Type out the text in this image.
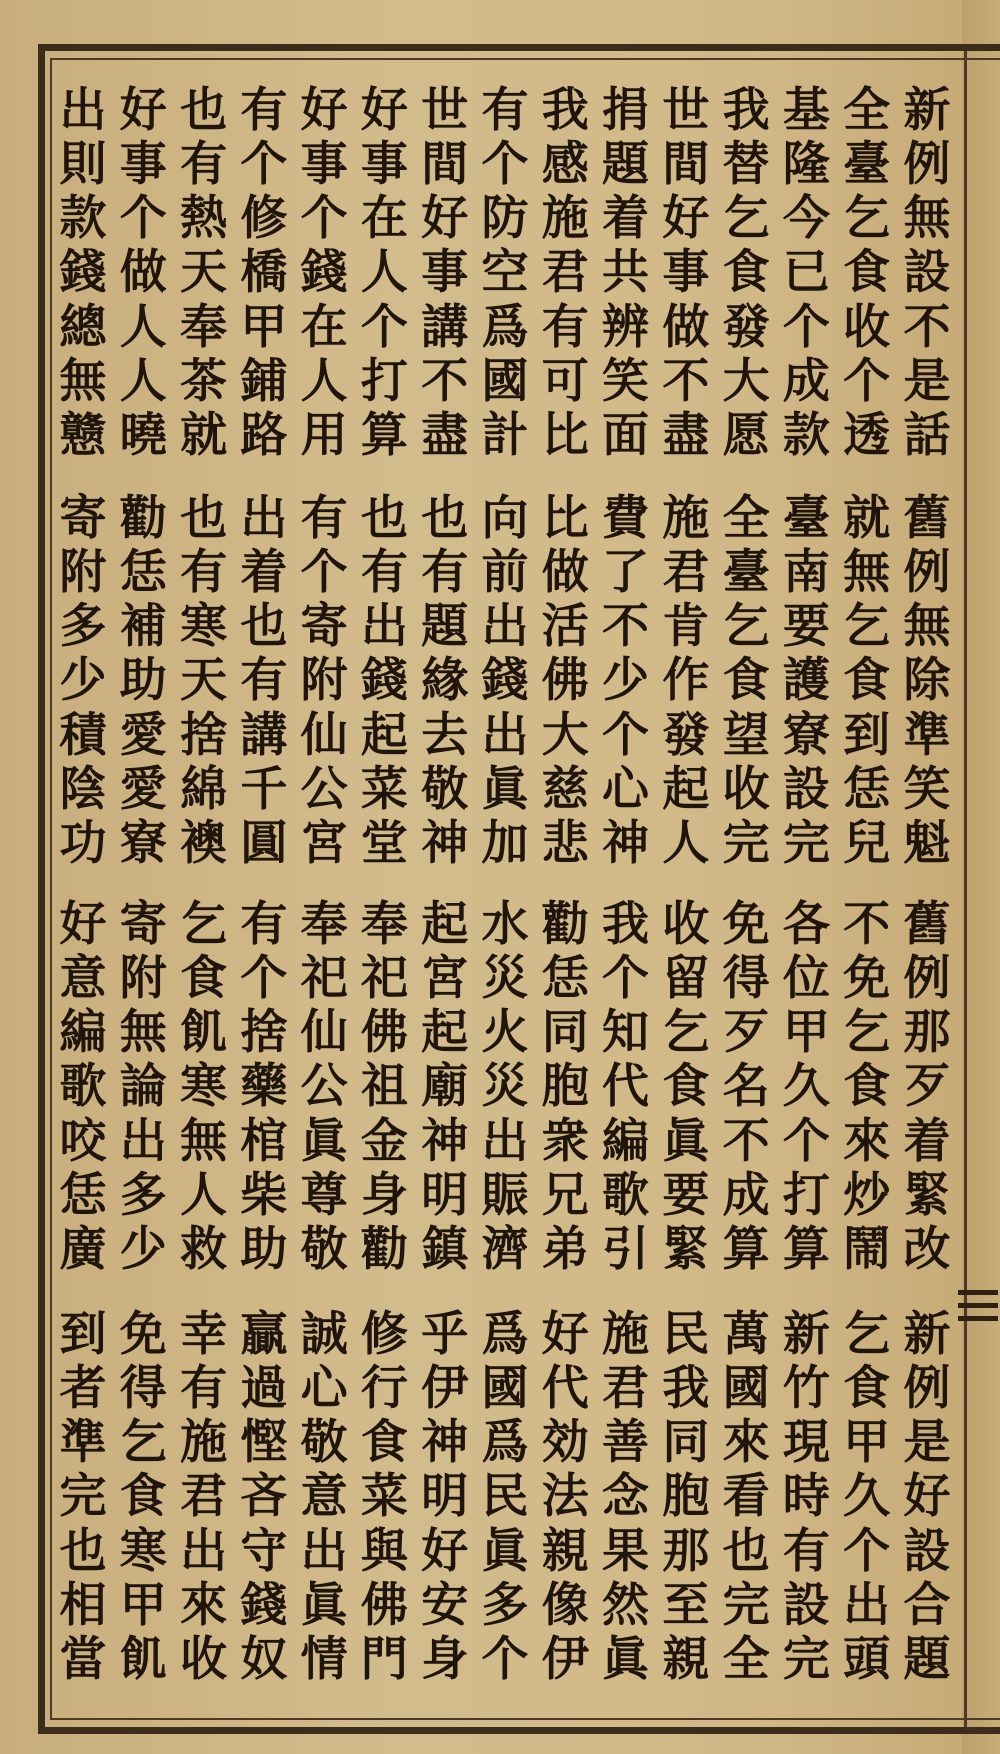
新
例
無
設
不
是
話
全
臺
乞
食
收
个
透
基
隆
今
已
个
成
款
我
替
乞
食
發
大
愿
世
間
好
事
做
不
盡
捐
題
着
共
辨
笑
面
我
感
施
君
有
可
比
有
个
防
空
爲
國
計
世
間
好
事
講
不
盡
好
事
在
人
个
打
算
好
事
个
錢
在
人
用
有
个
修
橋
甲
鋪
路
也
有
熱
天
奉
茶
就
好
事
个
做
人
人
曉
出
則
款
錢
總
無
戆
舊
例
無
除
準
笑
魁
就
無
乞
食
到
恁
兒
臺
南
要
護
寮
設
完
全
臺
乞
食
望
收
完
施
君
肯
作
發
起
人
費
了
不
少
个
心
神
比
做
活
佛
大
慈
悲
向
前
出
錢
出
眞
加
也
有
題
緣
去
敬
神
也
有
出
錢
起
菜
堂
有
个
寄
附
仙
公
宮
出
着
也
有
講
千
圓
也
有
寒
天
捨
綿
襖
勸
恁
補
助
愛
愛
寮
寄
附
多
少
積
陰
功
舊
例
那
歹
着
緊
改
不
免
乞
食
來
炒
鬧
各
位
甲
久
个
打
算
免
得
歹
名
不
成
算
收
留
乞
食
眞
要
緊
我
个
知
代
編
歌
引
勸
恁
同
胞
衆
兄
弟
水
災
火
災
出
賑
濟
起
宮
起
廟
神
明
鎮
奉
祀
佛
祖
金
身
勸
奉
祀
仙
公
眞
尊
敬
有
个
捨
藥
棺
柴
助
乞
食
飢
寒
無
人
救
寄
附
無
論
出
多
少
好
意
編
歌
咬
恁
廣
新
例
是
好
設
合
題
乞
食
甲
久
个
出
頭
新
竹
現
時
有
設
完
萬
國
來
看
也
完
全
民
我
同
胞
那
至
親
施
君
善
念
果
然
眞
好
代
効
法
親
像
伊
爲
國
爲
民
眞
多
个
乎
伊
神
明
好
安
身
修
行
食
菜
與
佛
門
誠
心
敬
意
出
眞
情
贏
過
慳
吝
守
錢
奴
幸
有
施
君
出
來
收
免
得
乞
食
寒
甲
飢
到
者
準
完
也
相
當
